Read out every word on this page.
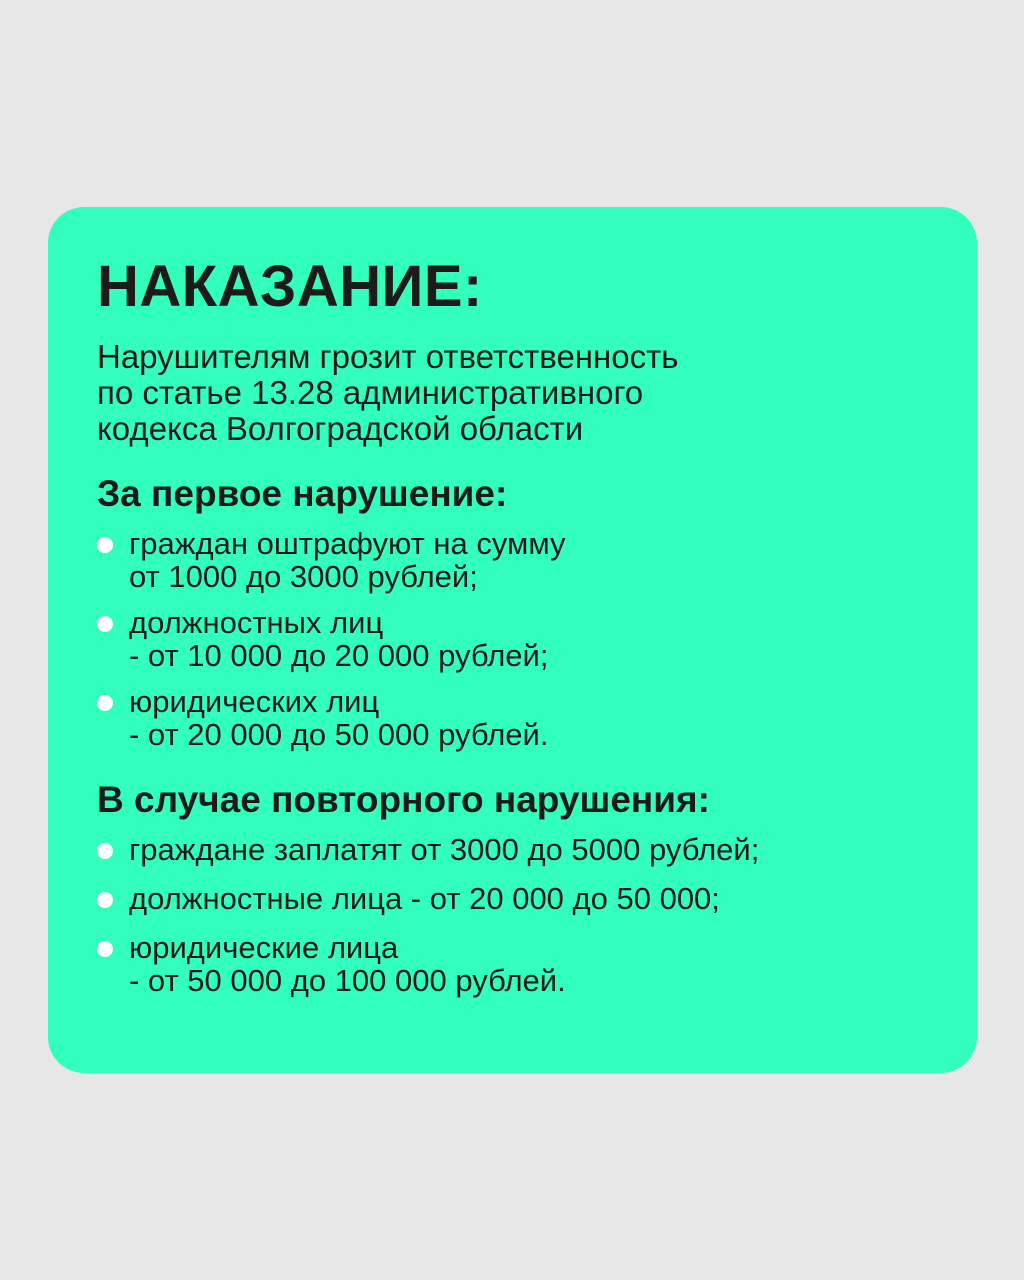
НАКАЗАНИЕ:

Нарушителям грозит ответственность
по статье 13.28 административного
кодекса Волгоградской области

За первое нарушение:
граждан оштрафуют на сумму
от 1000 до 3000 рублей;
должностных лиц
- от 10 000 до 20 000 рублей;
юридических лиц
- от 20 000 до 50 000 рублей.
В случае повторного нарушения:
граждане заплатят от 3000 до 5000 рублей;
должностные лица - от 20 000 до 50 000;
юридические лица
- от 50 000 до 100 000 рублей.
